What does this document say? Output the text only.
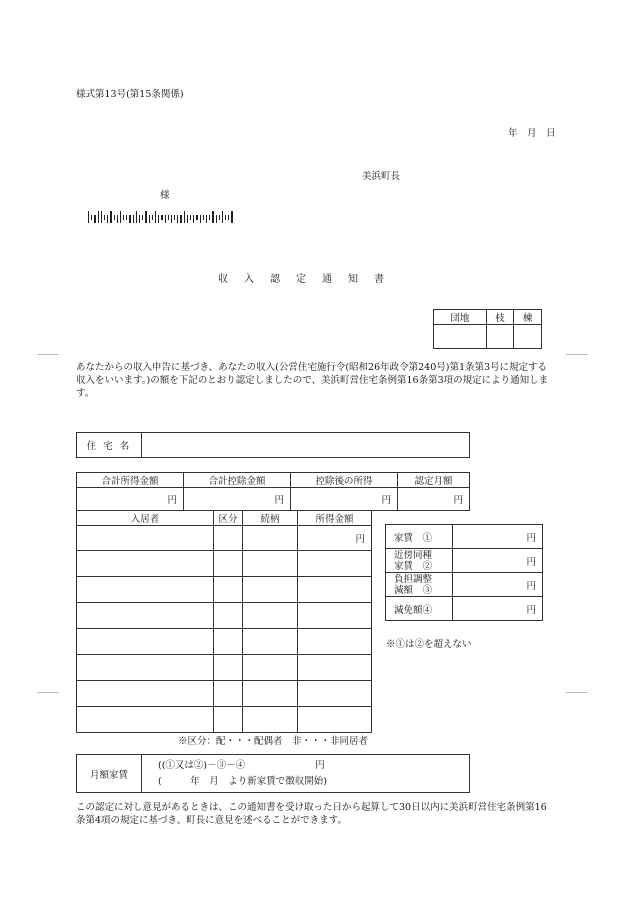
様式第13号(第15条関係)
年　月　日
美浜町長
様
収　入　認　定　通　知　書
団地	枝	棟

あなたからの収入申告に基づき、あなたの収入(公営住宅施行令(昭和26年政令第240号)第1条第3号に規定する収入をいいます。)の額を下記のとおり認定しましたので、美浜町営住宅条例第16条第3項の規定により通知します。
住 宅 名	
合計所得金額	合計控除金額	控除後の所得	認定月額
円	円	円	円
入居者	区分	続柄	所得金額
			円

※区分：配・・・配偶者　非・・・非同居者
家賃　①	円
近傍同種
家賃　②	円
負担調整
減額　③	円
減免額④	円
※①は②を超えない
月額家賃	
((①又は②)－③－④	円
(　　　年　月　より新家賃で徴収開始)
この認定に対し意見があるときは、この通知書を受け取った日から起算して30日以内に美浜町営住宅条例第16条第4項の規定に基づき、町長に意見を述べることができます。
